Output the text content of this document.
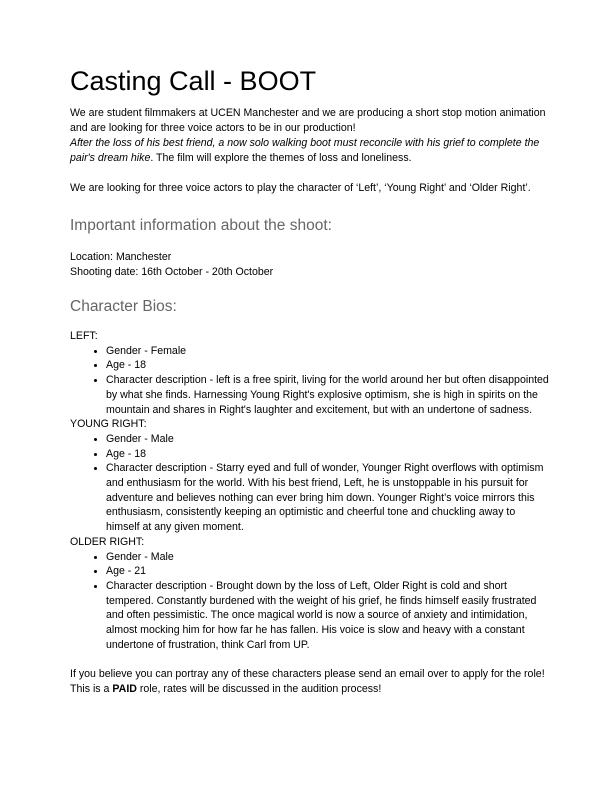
Casting Call - BOOT

We are student filmmakers at UCEN Manchester and we are producing a short stop motion animation and are looking for three voice actors to be in our production!
After the loss of his best friend, a now solo walking boot must reconcile with his grief to complete the pair's dream hike. The film will explore the themes of loss and loneliness.

We are looking for three voice actors to play the character of ‘Left’, ‘Young Right’ and ‘Older Right’.

Important information about the shoot:

Location: Manchester

Shooting date: 16th October - 20th October

Character Bios:

LEFT:

• Gender - Female
• Age - 18
• Character description - left is a free spirit, living for the world around her but often disappointed by what she finds. Harnessing Young Right's explosive optimism, she is high in spirits on the mountain and shares in Right's laughter and excitement, but with an undertone of sadness.

YOUNG RIGHT:

• Gender - Male
• Age - 18
• Character description - Starry eyed and full of wonder, Younger Right overflows with optimism and enthusiasm for the world. With his best friend, Left, he is unstoppable in his pursuit for adventure and believes nothing can ever bring him down. Younger Right’s voice mirrors this enthusiasm, consistently keeping an optimistic and cheerful tone and chuckling away to himself at any given moment.

OLDER RIGHT:

• Gender - Male
• Age - 21
• Character description - Brought down by the loss of Left, Older Right is cold and short tempered. Constantly burdened with the weight of his grief, he finds himself easily frustrated and often pessimistic. The once magical world is now a source of anxiety and intimidation, almost mocking him for how far he has fallen. His voice is slow and heavy with a constant undertone of frustration, think Carl from UP.

If you believe you can portray any of these characters please send an email over to apply for the role! This is a PAID role, rates will be discussed in the audition process!
